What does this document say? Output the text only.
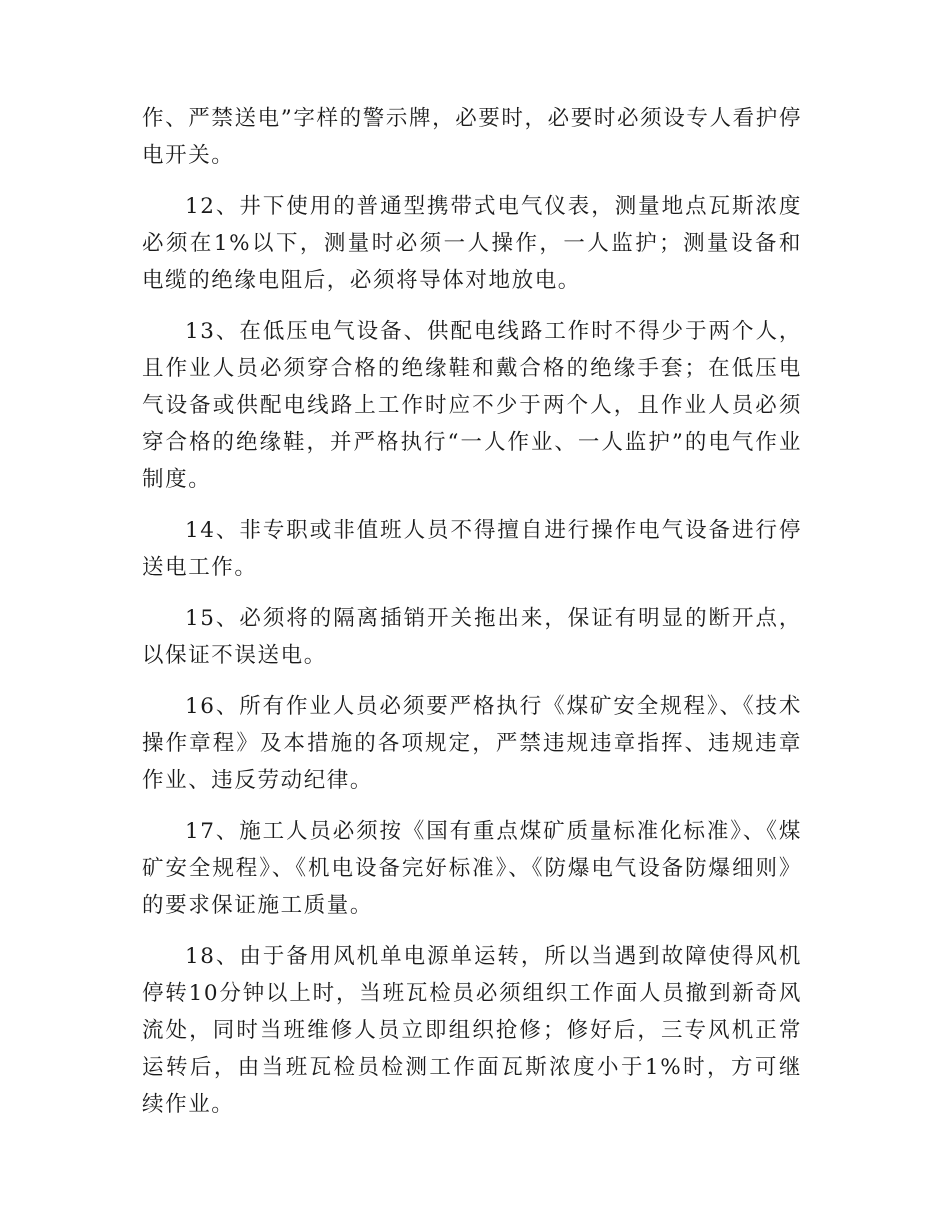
作、严禁送电”字样的警示牌，必要时，必要时必须设专人看护停电开关。

12、井下使用的普通型携带式电气仪表，测量地点瓦斯浓度必须在1%以下，测量时必须一人操作，一人监护；测量设备和电缆的绝缘电阻后，必须将导体对地放电。

13、在低压电气设备、供配电线路工作时不得少于两个人，且作业人员必须穿合格的绝缘鞋和戴合格的绝缘手套；在低压电气设备或供配电线路上工作时应不少于两个人，且作业人员必须穿合格的绝缘鞋，并严格执行“一人作业、一人监护”的电气作业制度。

14、非专职或非值班人员不得擅自进行操作电气设备进行停送电工作。

15、必须将的隔离插销开关拖出来，保证有明显的断开点，以保证不误送电。

16、所有作业人员必须要严格执行《煤矿安全规程》、《技术操作章程》及本措施的各项规定，严禁违规违章指挥、违规违章作业、违反劳动纪律。

17、施工人员必须按《国有重点煤矿质量标准化标准》、《煤矿安全规程》、《机电设备完好标准》、《防爆电气设备防爆细则》的要求保证施工质量。

18、由于备用风机单电源单运转，所以当遇到故障使得风机停转10分钟以上时，当班瓦检员必须组织工作面人员撤到新奇风流处，同时当班维修人员立即组织抢修；修好后，三专风机正常运转后，由当班瓦检员检测工作面瓦斯浓度小于1%时，方可继续作业。
